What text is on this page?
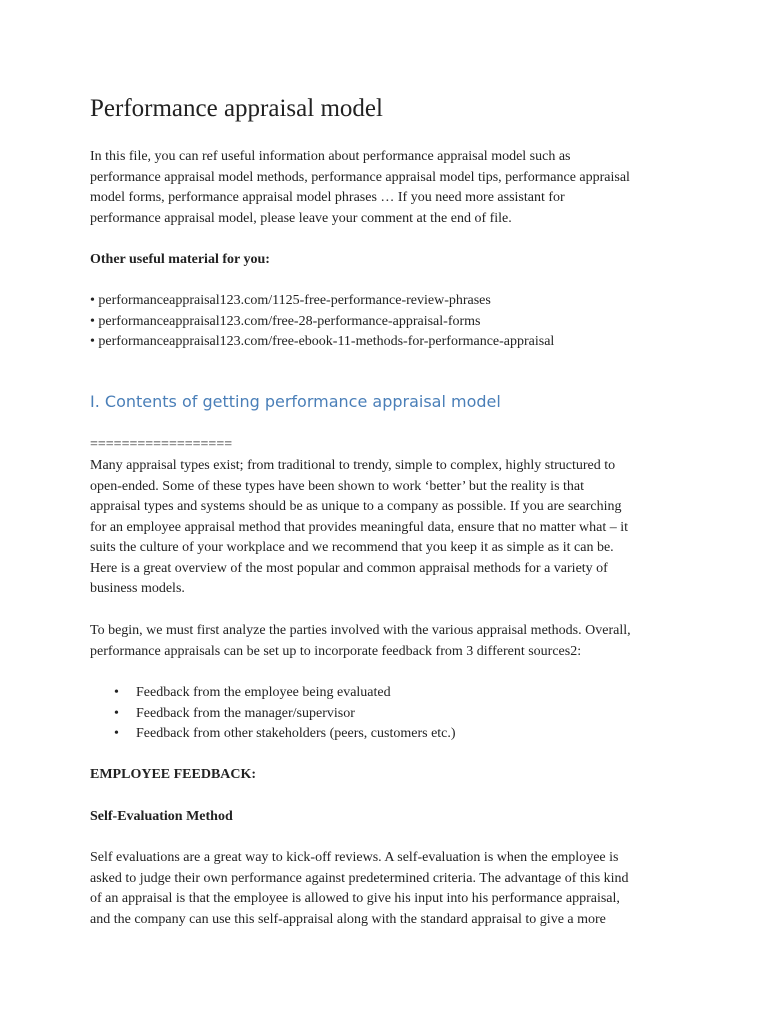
Performance appraisal model

In this file, you can ref useful information about performance appraisal model such as
performance appraisal model methods, performance appraisal model tips, performance appraisal
model forms, performance appraisal model phrases … If you need more assistant for
performance appraisal model, please leave your comment at the end of file.

Other useful material for you:

• performanceappraisal123.com/1125-free-performance-review-phrases
• performanceappraisal123.com/free-28-performance-appraisal-forms
• performanceappraisal123.com/free-ebook-11-methods-for-performance-appraisal
I. Contents of getting performance appraisal model

==================

Many appraisal types exist; from traditional to trendy, simple to complex, highly structured to
open-ended. Some of these types have been shown to work ‘better’ but the reality is that
appraisal types and systems should be as unique to a company as possible. If you are searching
for an employee appraisal method that provides meaningful data, ensure that no matter what – it
suits the culture of your workplace and we recommend that you keep it as simple as it can be.
Here is a great overview of the most popular and common appraisal methods for a variety of
business models.

To begin, we must first analyze the parties involved with the various appraisal methods. Overall,
performance appraisals can be set up to incorporate feedback from 3 different sources2:

• Feedback from the employee being evaluated
• Feedback from the manager/supervisor
• Feedback from other stakeholders (peers, customers etc.)

EMPLOYEE FEEDBACK:

Self-Evaluation Method

Self evaluations are a great way to kick-off reviews. A self-evaluation is when the employee is
asked to judge their own performance against predetermined criteria. The advantage of this kind
of an appraisal is that the employee is allowed to give his input into his performance appraisal,
and the company can use this self-appraisal along with the standard appraisal to give a more
